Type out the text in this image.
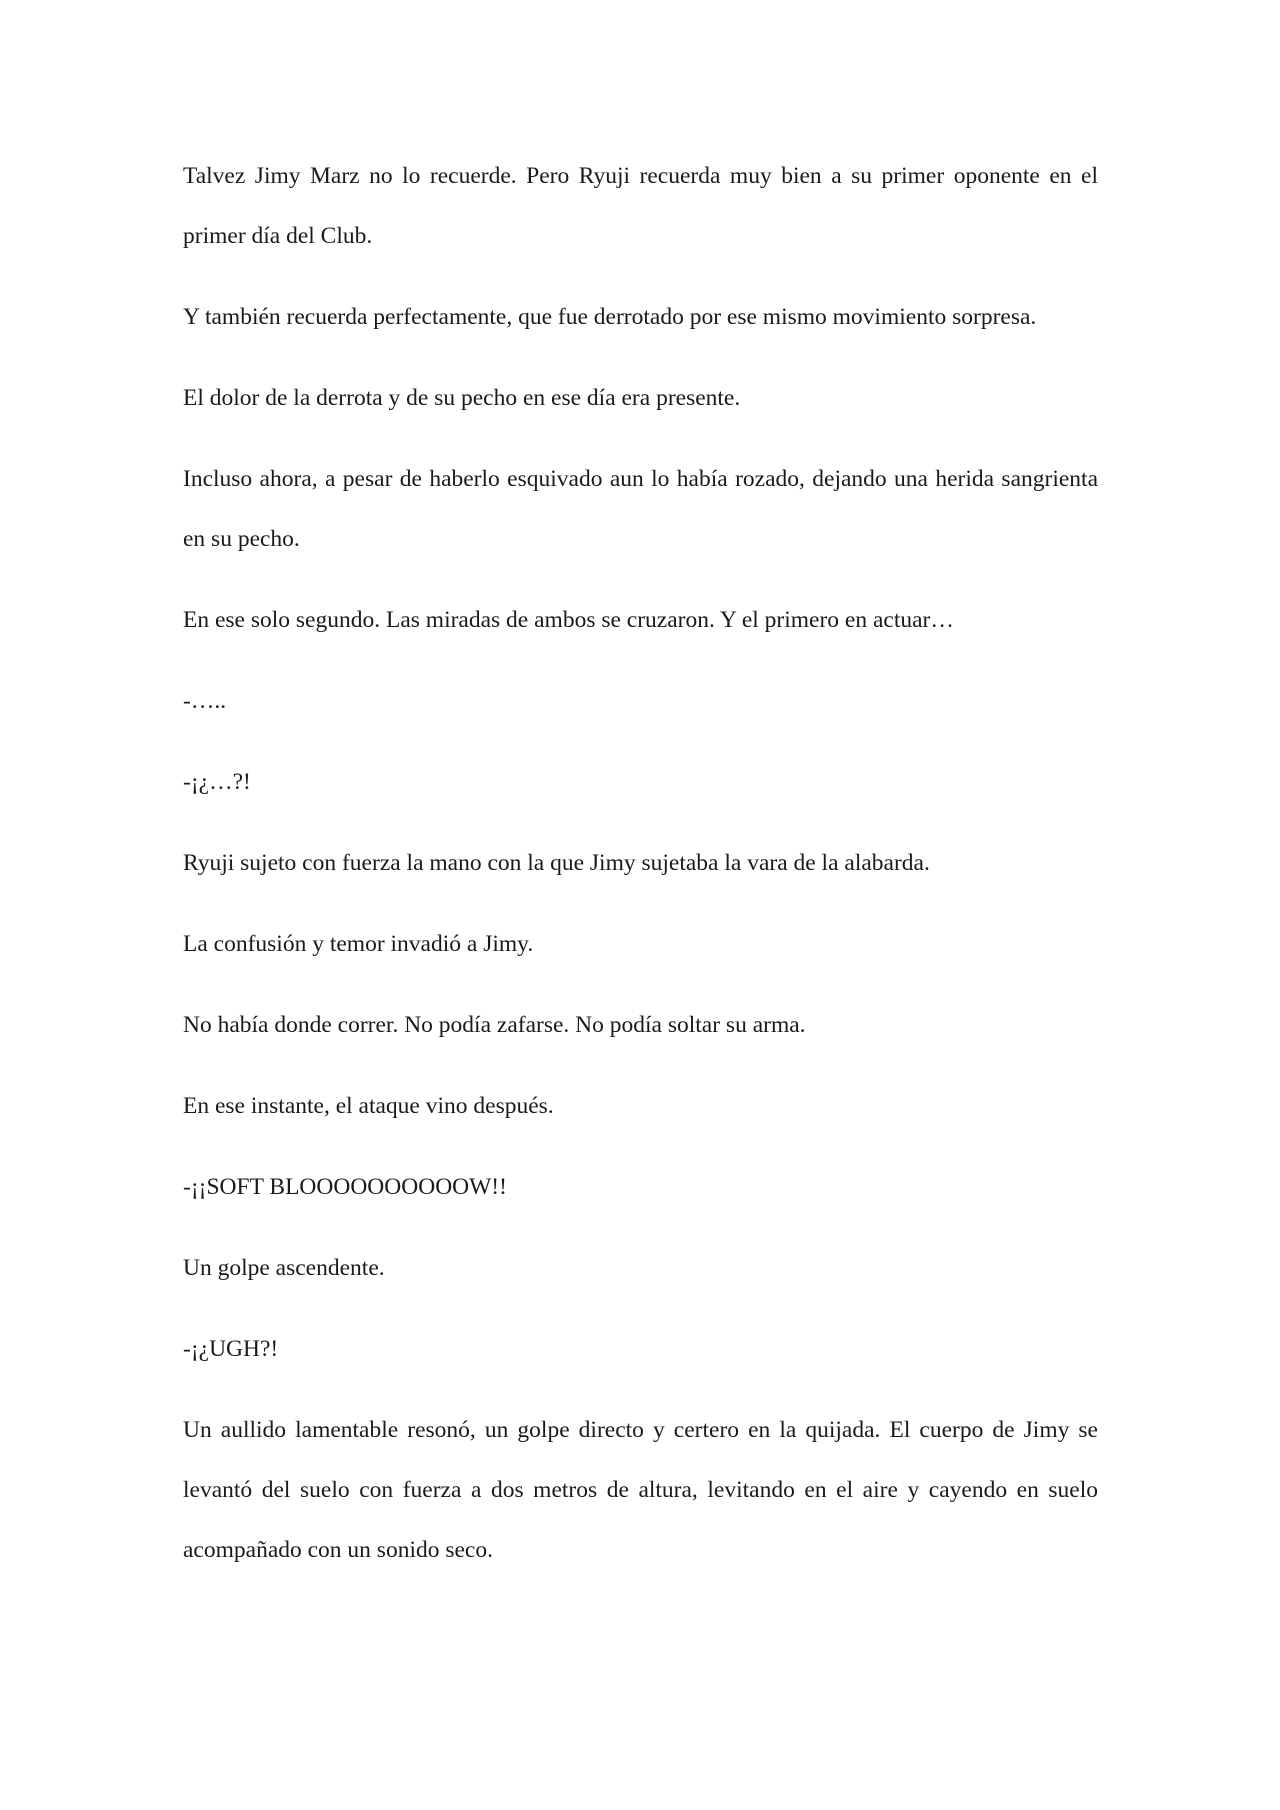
Talvez Jimy Marz no lo recuerde. Pero Ryuji recuerda muy bien a su primer oponente en el primer día del Club.

Y también recuerda perfectamente, que fue derrotado por ese mismo movimiento sorpresa.

El dolor de la derrota y de su pecho en ese día era presente.

Incluso ahora, a pesar de haberlo esquivado aun lo había rozado, dejando una herida sangrienta en su pecho.

En ese solo segundo. Las miradas de ambos se cruzaron. Y el primero en actuar…

-…..

-¡¿…?!

Ryuji sujeto con fuerza la mano con la que Jimy sujetaba la vara de la alabarda.

La confusión y temor invadió a Jimy.

No había donde correr. No podía zafarse. No podía soltar su arma.

En ese instante, el ataque vino después.

-¡¡SOFT BLOOOOOOOOOOW!!

Un golpe ascendente.

-¡¿UGH?!

Un aullido lamentable resonó, un golpe directo y certero en la quijada. El cuerpo de Jimy se levantó del suelo con fuerza a dos metros de altura, levitando en el aire y cayendo en suelo acompañado con un sonido seco.
